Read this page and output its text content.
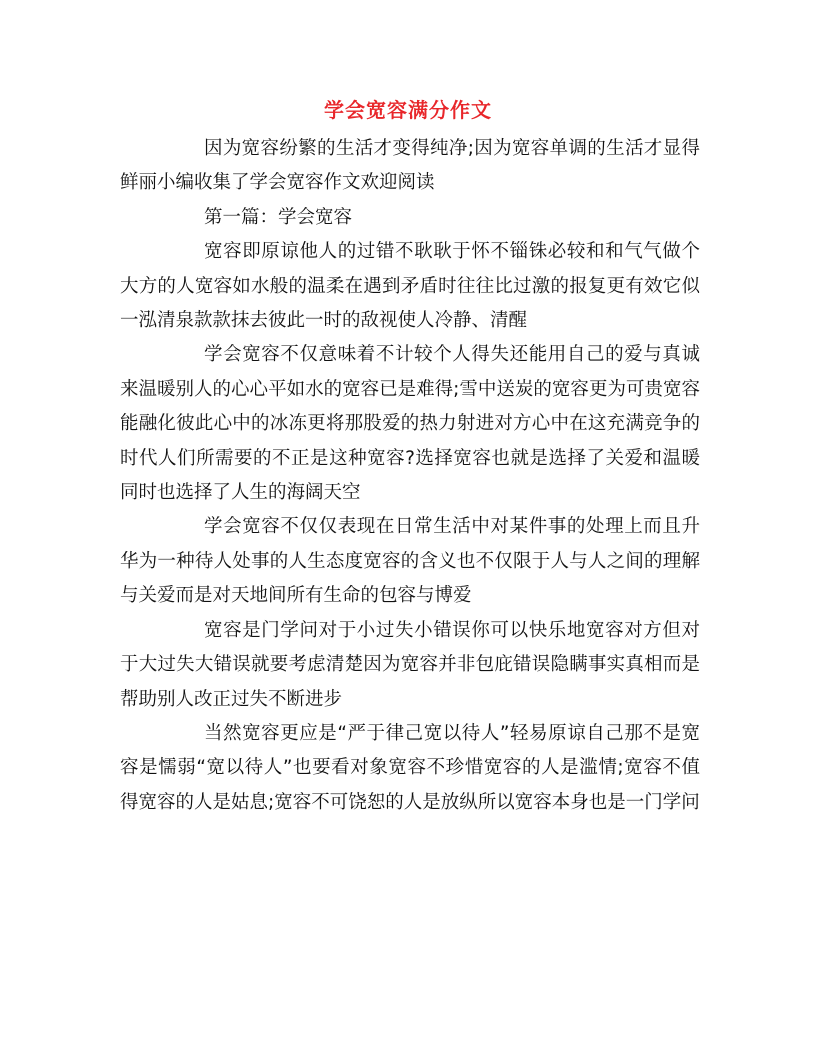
学会宽容满分作文

因为宽容纷繁的生活才变得纯净;因为宽容单调的生活才显得鲜丽小编收集了学会宽容作文欢迎阅读

第一篇：学会宽容

宽容即原谅他人的过错不耿耿于怀不锱铢必较和和气气做个大方的人宽容如水般的温柔在遇到矛盾时往往比过激的报复更有效它似一泓清泉款款抹去彼此一时的敌视使人冷静、清醒

学会宽容不仅意味着不计较个人得失还能用自己的爱与真诚来温暖别人的心心平如水的宽容已是难得;雪中送炭的宽容更为可贵宽容能融化彼此心中的冰冻更将那股爱的热力射进对方心中在这充满竞争的时代人们所需要的不正是这种宽容?选择宽容也就是选择了关爱和温暖同时也选择了人生的海阔天空

学会宽容不仅仅表现在日常生活中对某件事的处理上而且升华为一种待人处事的人生态度宽容的含义也不仅限于人与人之间的理解与关爱而是对天地间所有生命的包容与博爱

宽容是门学问对于小过失小错误你可以快乐地宽容对方但对于大过失大错误就要考虑清楚因为宽容并非包庇错误隐瞒事实真相而是帮助别人改正过失不断进步

当然宽容更应是“严于律己宽以待人”轻易原谅自己那不是宽容是懦弱“宽以待人”也要看对象宽容不珍惜宽容的人是滥情;宽容不值得宽容的人是姑息;宽容不可饶恕的人是放纵所以宽容本身也是一门学问
